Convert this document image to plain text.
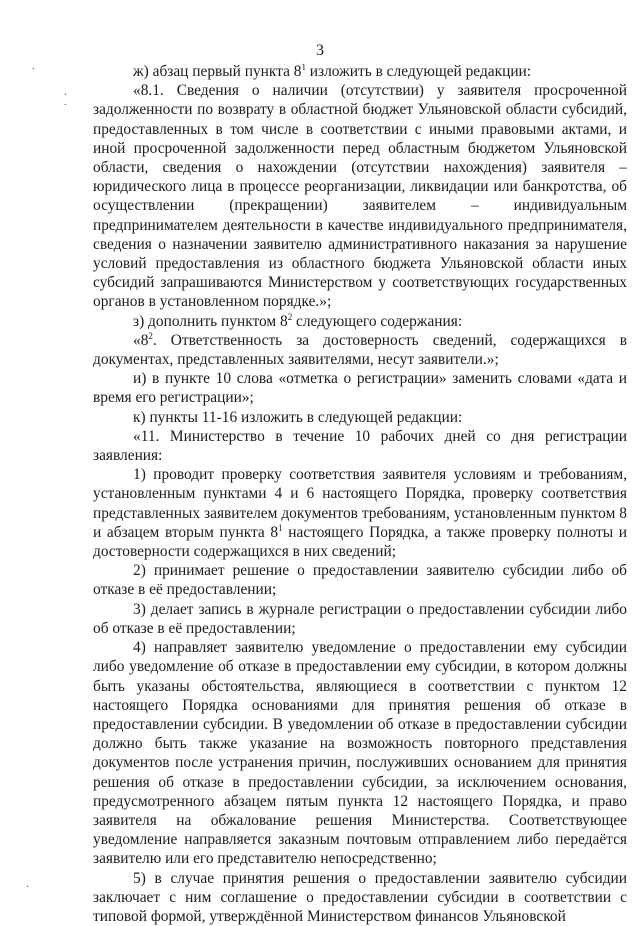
3
.
.
.
.

ж) абзац первый пункта $8^1$ изложить в следующей редакции:

«8.1. Сведения о наличии (отсутствии) у заявителя просроченной задолженности по возврату в областной бюджет Ульяновской области субсидий, предоставленных в том числе в соответствии с иными правовыми актами, и иной просроченной задолженности перед областным бюджетом Ульяновской области, сведения о нахождении (отсутствии нахождения) заявителя – юридического лица в процессе реорганизации, ликвидации или банкротства, об осуществлении (прекращении) заявителем – индивидуальным предпринимателем деятельности в качестве индивидуального предпринимателя, сведения о назначении заявителю административного наказания за нарушение условий предоставления из областного бюджета Ульяновской области иных субсидий запрашиваются Министерством у соответствующих государственных органов в установленном порядке.»;

з) дополнить пунктом $8^2$ следующего содержания:

«$8^2$. Ответственность за достоверность сведений, содержащихся в документах, представленных заявителями, несут заявители.»;

и) в пункте 10 слова «отметка о регистрации» заменить словами «дата и время его регистрации»;

к) пункты 11-16 изложить в следующей редакции:

«11. Министерство в течение 10 рабочих дней со дня регистрации заявления:

1) проводит проверку соответствия заявителя условиям и требованиям, установленным пунктами 4 и 6 настоящего Порядка, проверку соответствия представленных заявителем документов требованиям, установленным пунктом 8 и абзацем вторым пункта $8^1$ настоящего Порядка, а также проверку полноты и достоверности содержащихся в них сведений;

2) принимает решение о предоставлении заявителю субсидии либо об отказе в её предоставлении;

3) делает запись в журнале регистрации о предоставлении субсидии либо об отказе в её предоставлении;

4) направляет заявителю уведомление о предоставлении ему субсидии либо уведомление об отказе в предоставлении ему субсидии, в котором должны быть указаны обстоятельства, являющиеся в соответствии с пунктом 12 настоящего Порядка основаниями для принятия решения об отказе в предоставлении субсидии. В уведомлении об отказе в предоставлении субсидии должно быть также указание на возможность повторного представления документов после устранения причин, послуживших основанием для принятия решения об отказе в предоставлении субсидии, за исключением основания, предусмотренного абзацем пятым пункта 12 настоящего Порядка, и право заявителя на обжалование решения Министерства. Соответствующее уведомление направляется заказным почтовым отправлением либо передаётся заявителю или его представителю непосредственно;

5) в случае принятия решения о предоставлении заявителю субсидии заключает с ним соглашение о предоставлении субсидии в соответствии с типовой формой, утверждённой Министерством финансов Ульяновской
